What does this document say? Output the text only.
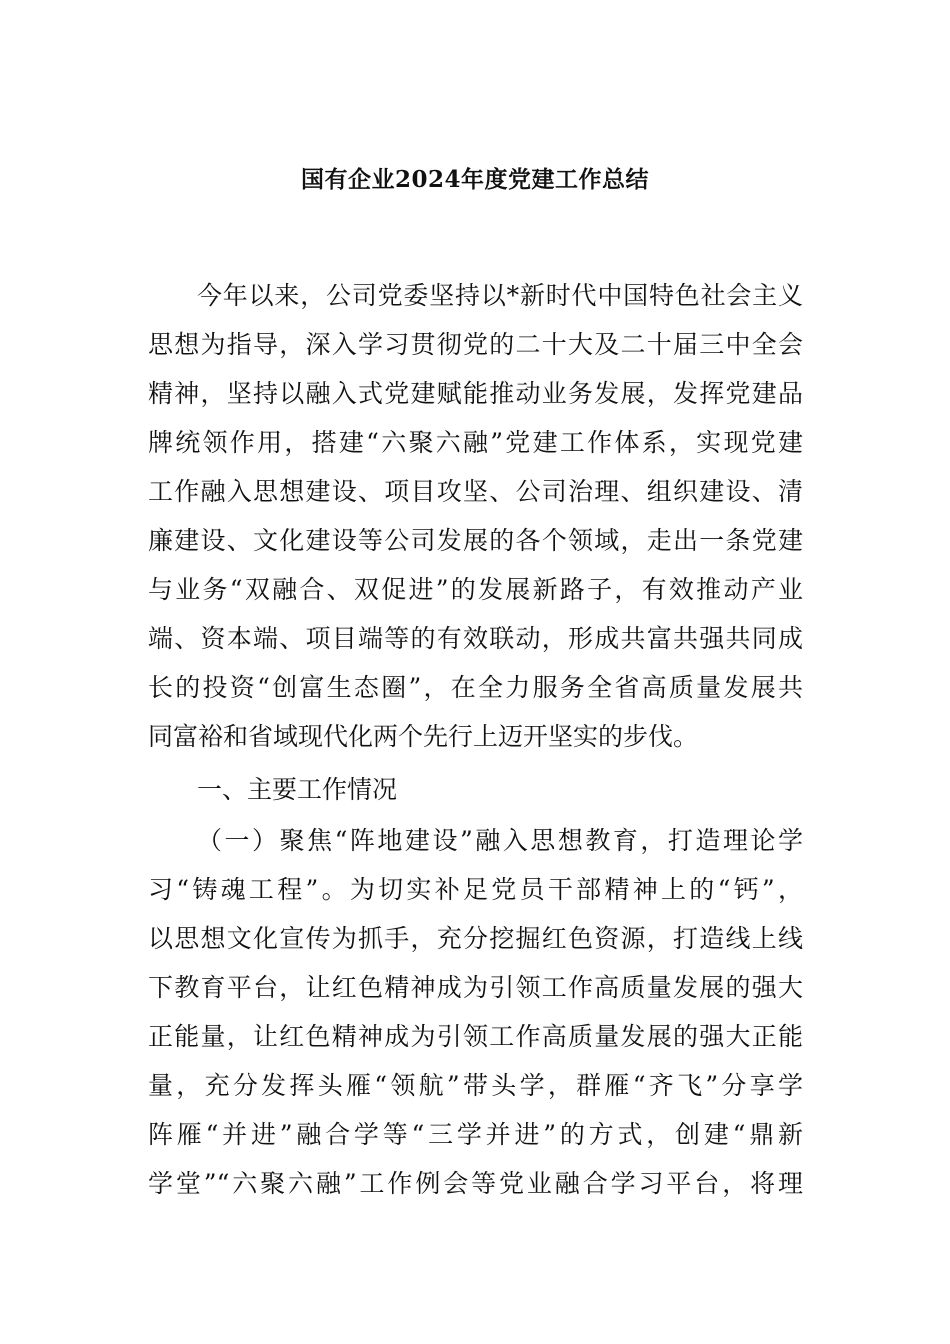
国有企业2024年度党建工作总结
今年以来，公司党委坚持以*新时代中国特色社会主义
思想为指导，深入学习贯彻党的二十大及二十届三中全会
精神，坚持以融入式党建赋能推动业务发展，发挥党建品
牌统领作用，搭建“六聚六融”党建工作体系，实现党建
工作融入思想建设、项目攻坚、公司治理、组织建设、清
廉建设、文化建设等公司发展的各个领域，走出一条党建
与业务“双融合、双促进”的发展新路子，有效推动产业
端、资本端、项目端等的有效联动，形成共富共强共同成
长的投资“创富生态圈”，在全力服务全省高质量发展共
同富裕和省域现代化两个先行上迈开坚实的步伐。
一、主要工作情况
（一）聚焦“阵地建设”融入思想教育，打造理论学
习“铸魂工程”。为切实补足党员干部精神上的“钙”，
以思想文化宣传为抓手，充分挖掘红色资源，打造线上线
下教育平台，让红色精神成为引领工作高质量发展的强大
正能量，让红色精神成为引领工作高质量发展的强大正能
量，充分发挥头雁“领航”带头学，群雁“齐飞”分享学
阵雁“并进”融合学等“三学并进”的方式，创建“鼎新
学堂”“六聚六融”工作例会等党业融合学习平台，将理
